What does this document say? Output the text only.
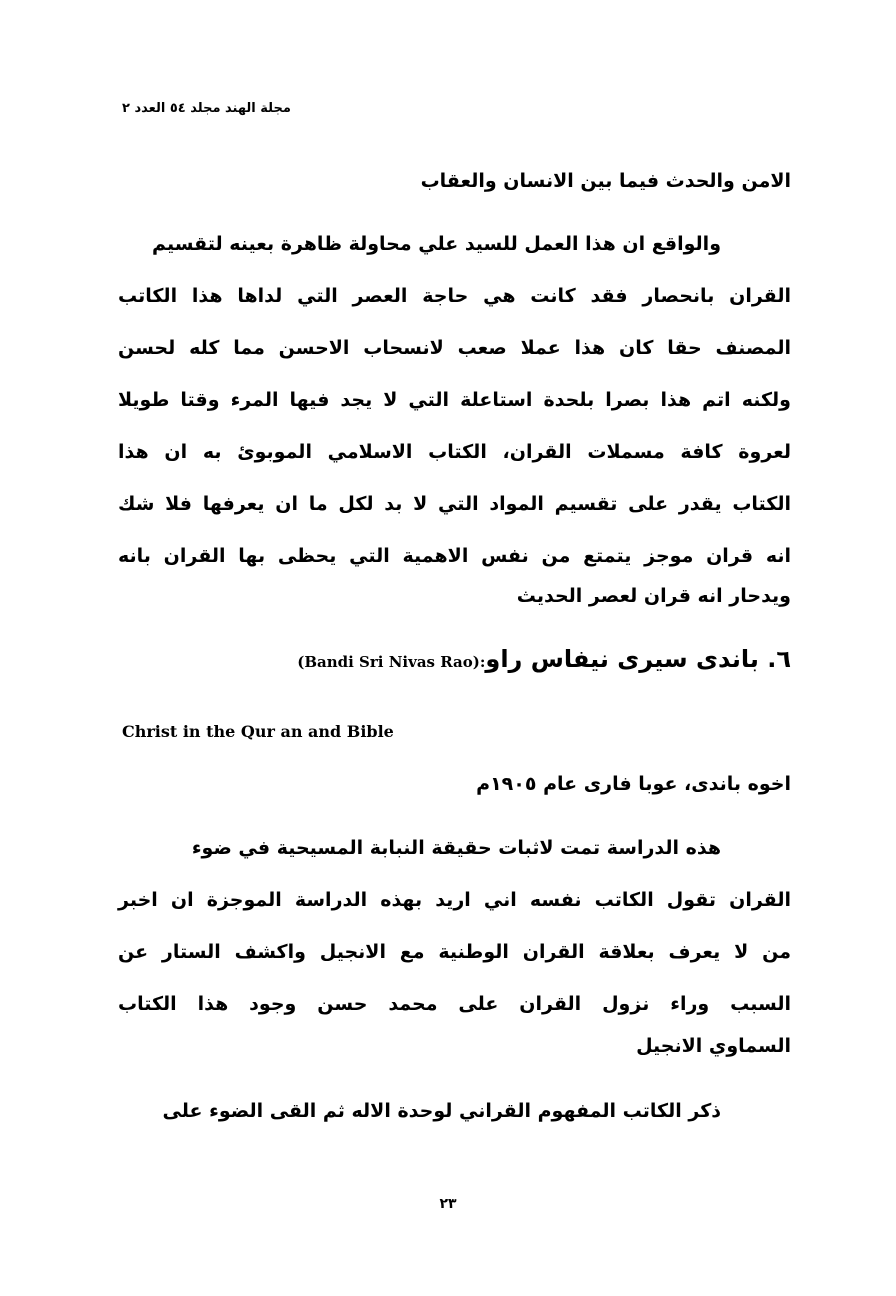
مجلة الهند مجلد ٥٤ العدد ٢
الامن والحدث فيما بين الانسان والعقاب
والواقع ان هذا العمل للسيد علي محاولة ظاهرة بعينه لتقسيم
القران بانحصار فقد كانت هي حاجة العصر التي لداها هذا الكاتب
المصنف حقا كان هذا عملا صعب لانسحاب الاحسن مما كله لحسن
ولكنه اتم هذا بصرا بلحدة استاعلة التي لا يجد فيها المرء وقتا طويلا
لعروة كافة مسملات القران، الكتاب الاسلامي الموبوئ به ان هذا
الكتاب يقدر على تقسيم المواد التي لا بد لكل ما ان يعرفها فلا شك
انه قران موجز يتمتع من نفس الاهمية التي يحظى بها القران بانه
ويدحار انه قران لعصر الحديث
٦. باندى سيرى نيفاس راو(Bandi Sri Nivas Rao):
Christ in the Qur an and Bible
اخوه باندى، عوبا فارى عام ١٩٠٥م
هذه الدراسة تمت لاثبات حقيقة النبابة المسيحية في ضوء
القران تقول الكاتب نفسه اني اريد بهذه الدراسة الموجزة ان اخبر
من لا يعرف بعلاقة القران الوطنية مع الانجيل واكشف الستار عن
السبب وراء نزول القران على محمد حسن وجود هذا الكتاب
السماوي الانجيل
ذكر الكاتب المفهوم القراني لوحدة الاله ثم القى الضوء على
٢٣
